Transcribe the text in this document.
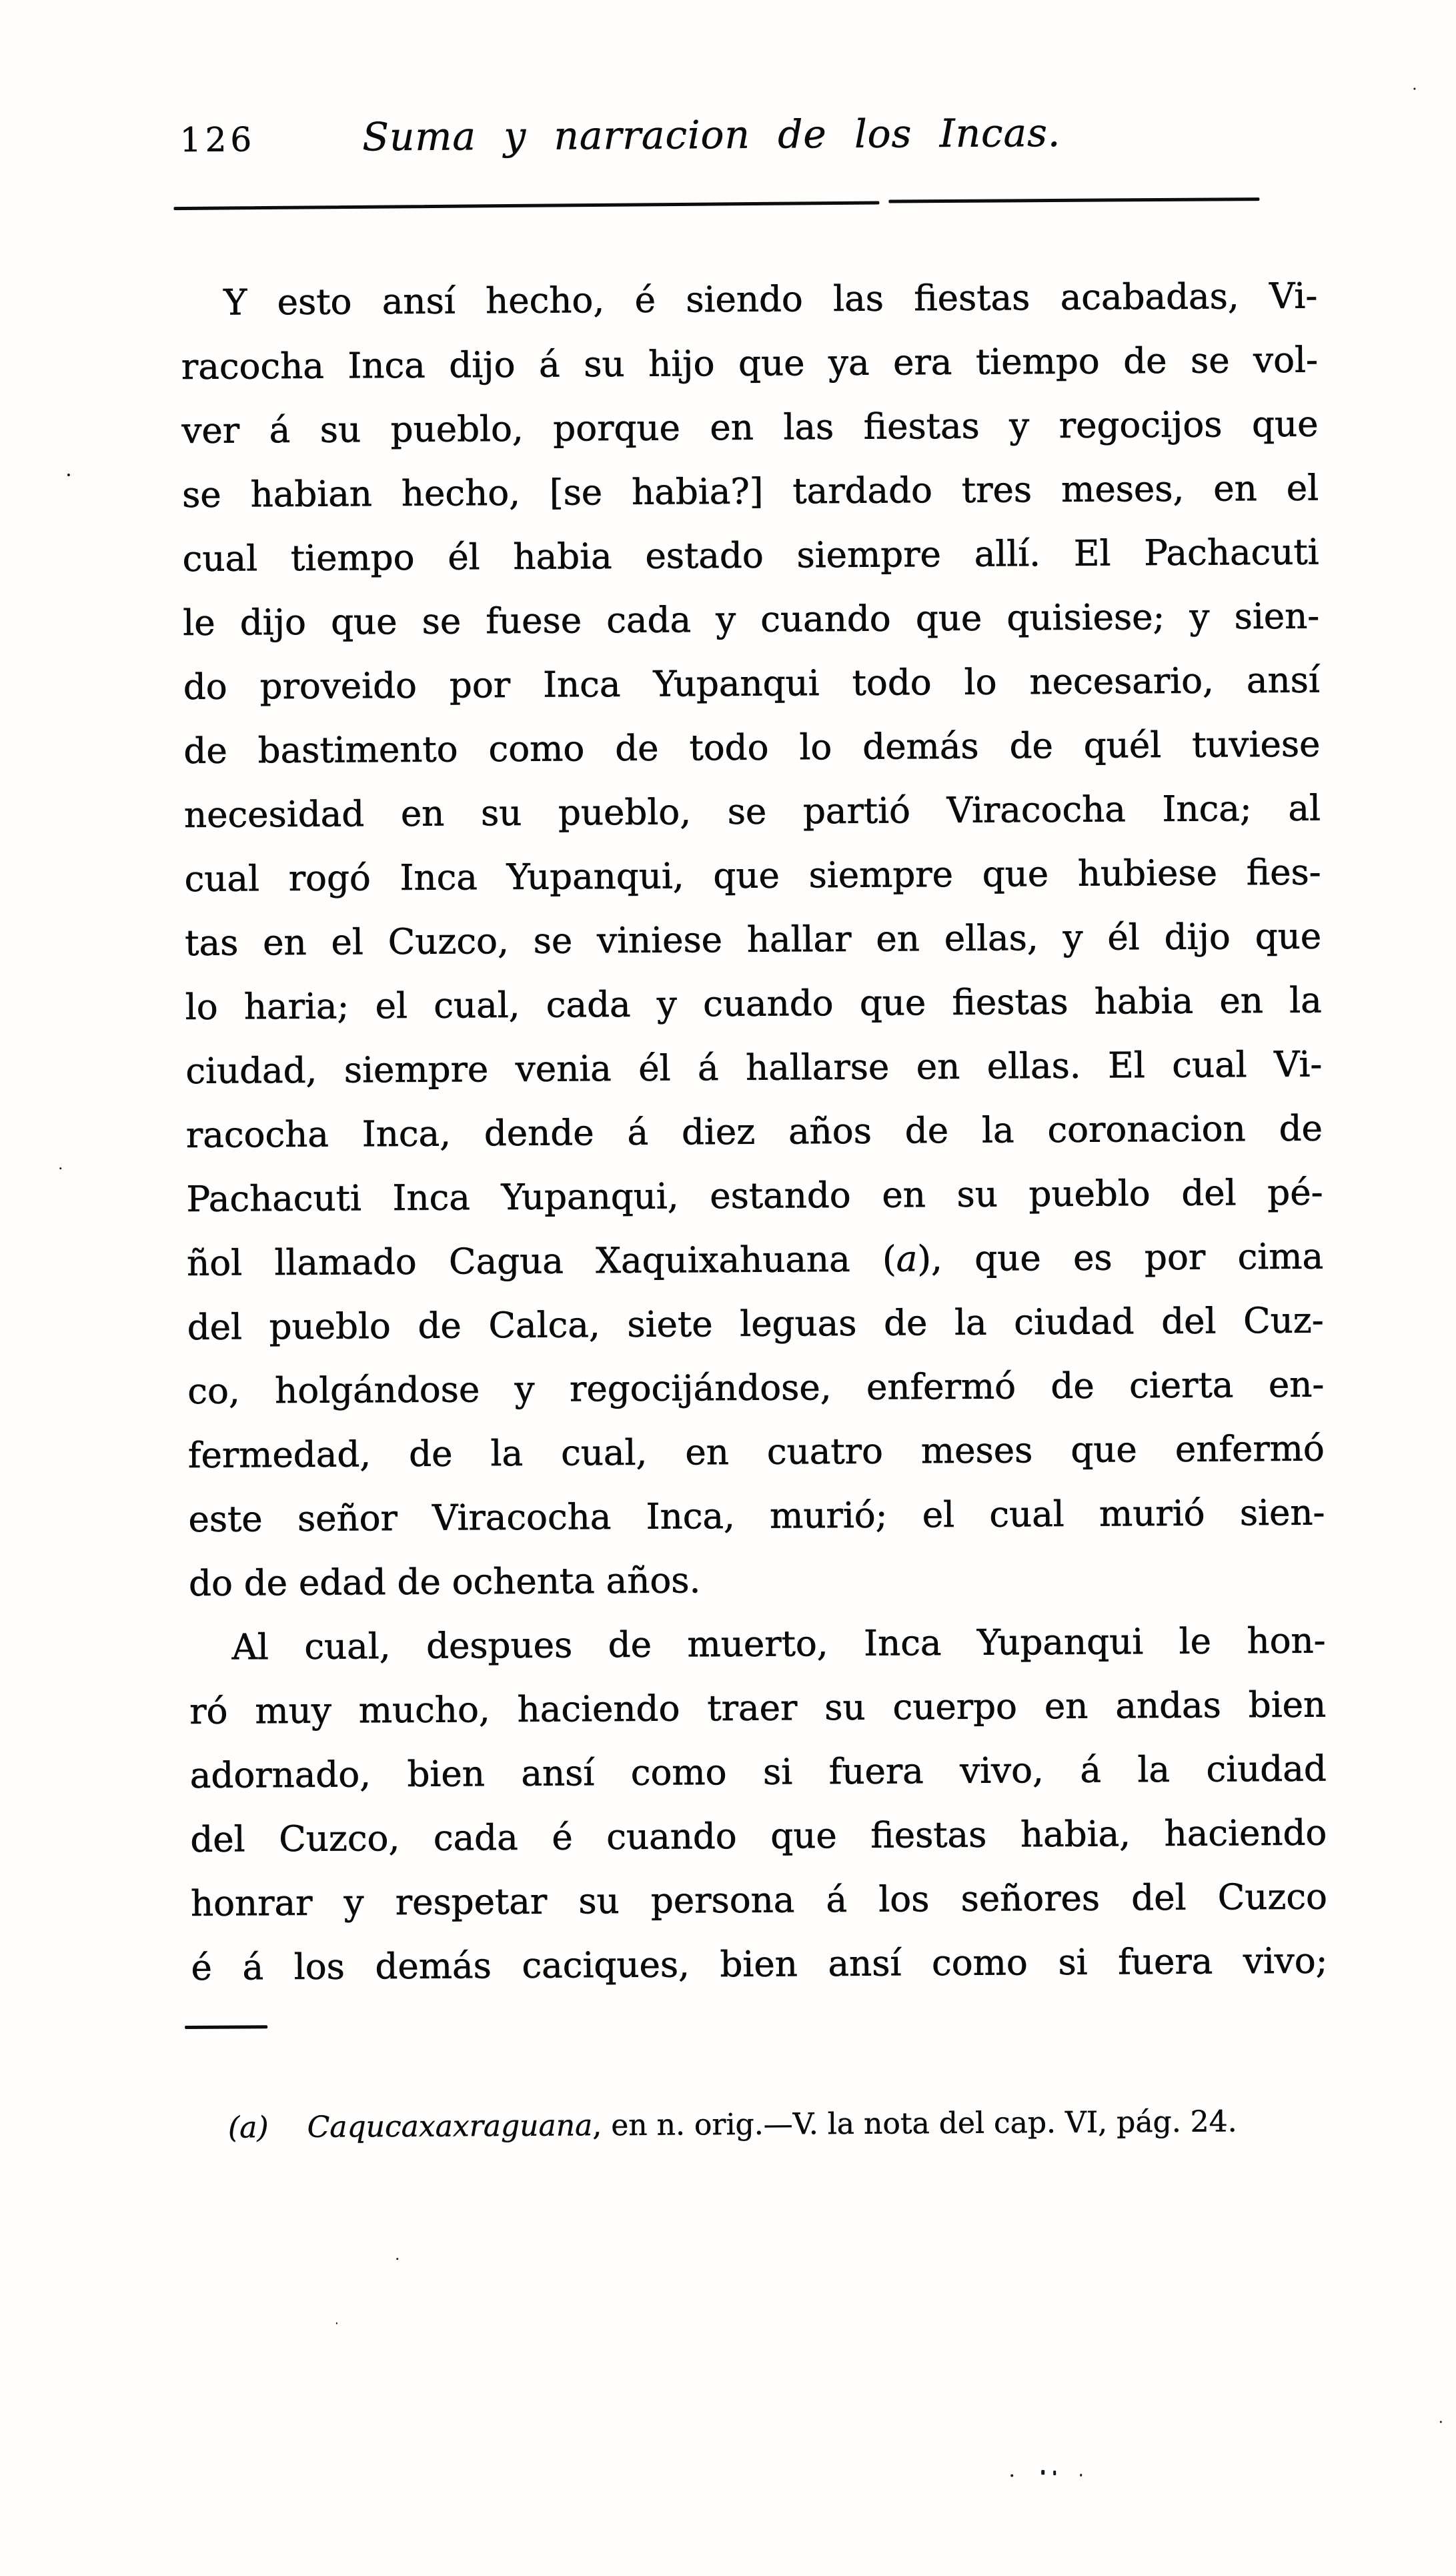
126	Suma y narracion de los Incas.
Y esto ansí hecho, é siendo las fiestas acabadas, Vi-
racocha Inca dijo á su hijo que ya era tiempo de se vol-
ver á su pueblo, porque en las fiestas y regocijos que
se habian hecho, [se habia?] tardado tres meses, en el
cual tiempo él habia estado siempre allí. El Pachacuti
le dijo que se fuese cada y cuando que quisiese; y sien-
do proveido por Inca Yupanqui todo lo necesario, ansí
de bastimento como de todo lo demás de quél tuviese
necesidad en su pueblo, se partió Viracocha Inca; al
cual rogó Inca Yupanqui, que siempre que hubiese fies-
tas en el Cuzco, se viniese hallar en ellas, y él dijo que
lo haria; el cual, cada y cuando que fiestas habia en la
ciudad, siempre venia él á hallarse en ellas. El cual Vi-
racocha Inca, dende á diez años de la coronacion de
Pachacuti Inca Yupanqui, estando en su pueblo del pé-
ñol llamado Cagua Xaquixahuana (a), que es por cima
del pueblo de Calca, siete leguas de la ciudad del Cuz-
co, holgándose y regocijándose, enfermó de cierta en-
fermedad, de la cual, en cuatro meses que enfermó
este señor Viracocha Inca, murió; el cual murió sien-
do de edad de ochenta años.
Al cual, despues de muerto, Inca Yupanqui le hon-
ró muy mucho, haciendo traer su cuerpo en andas bien
adornado, bien ansí como si fuera vivo, á la ciudad
del Cuzco, cada é cuando que fiestas habia, haciendo
honrar y respetar su persona á los señores del Cuzco
é á los demás caciques, bien ansí como si fuera vivo;
(a) Caqucaxaxraguana, en n. orig.—V. la nota del cap. VI, pág. 24.
